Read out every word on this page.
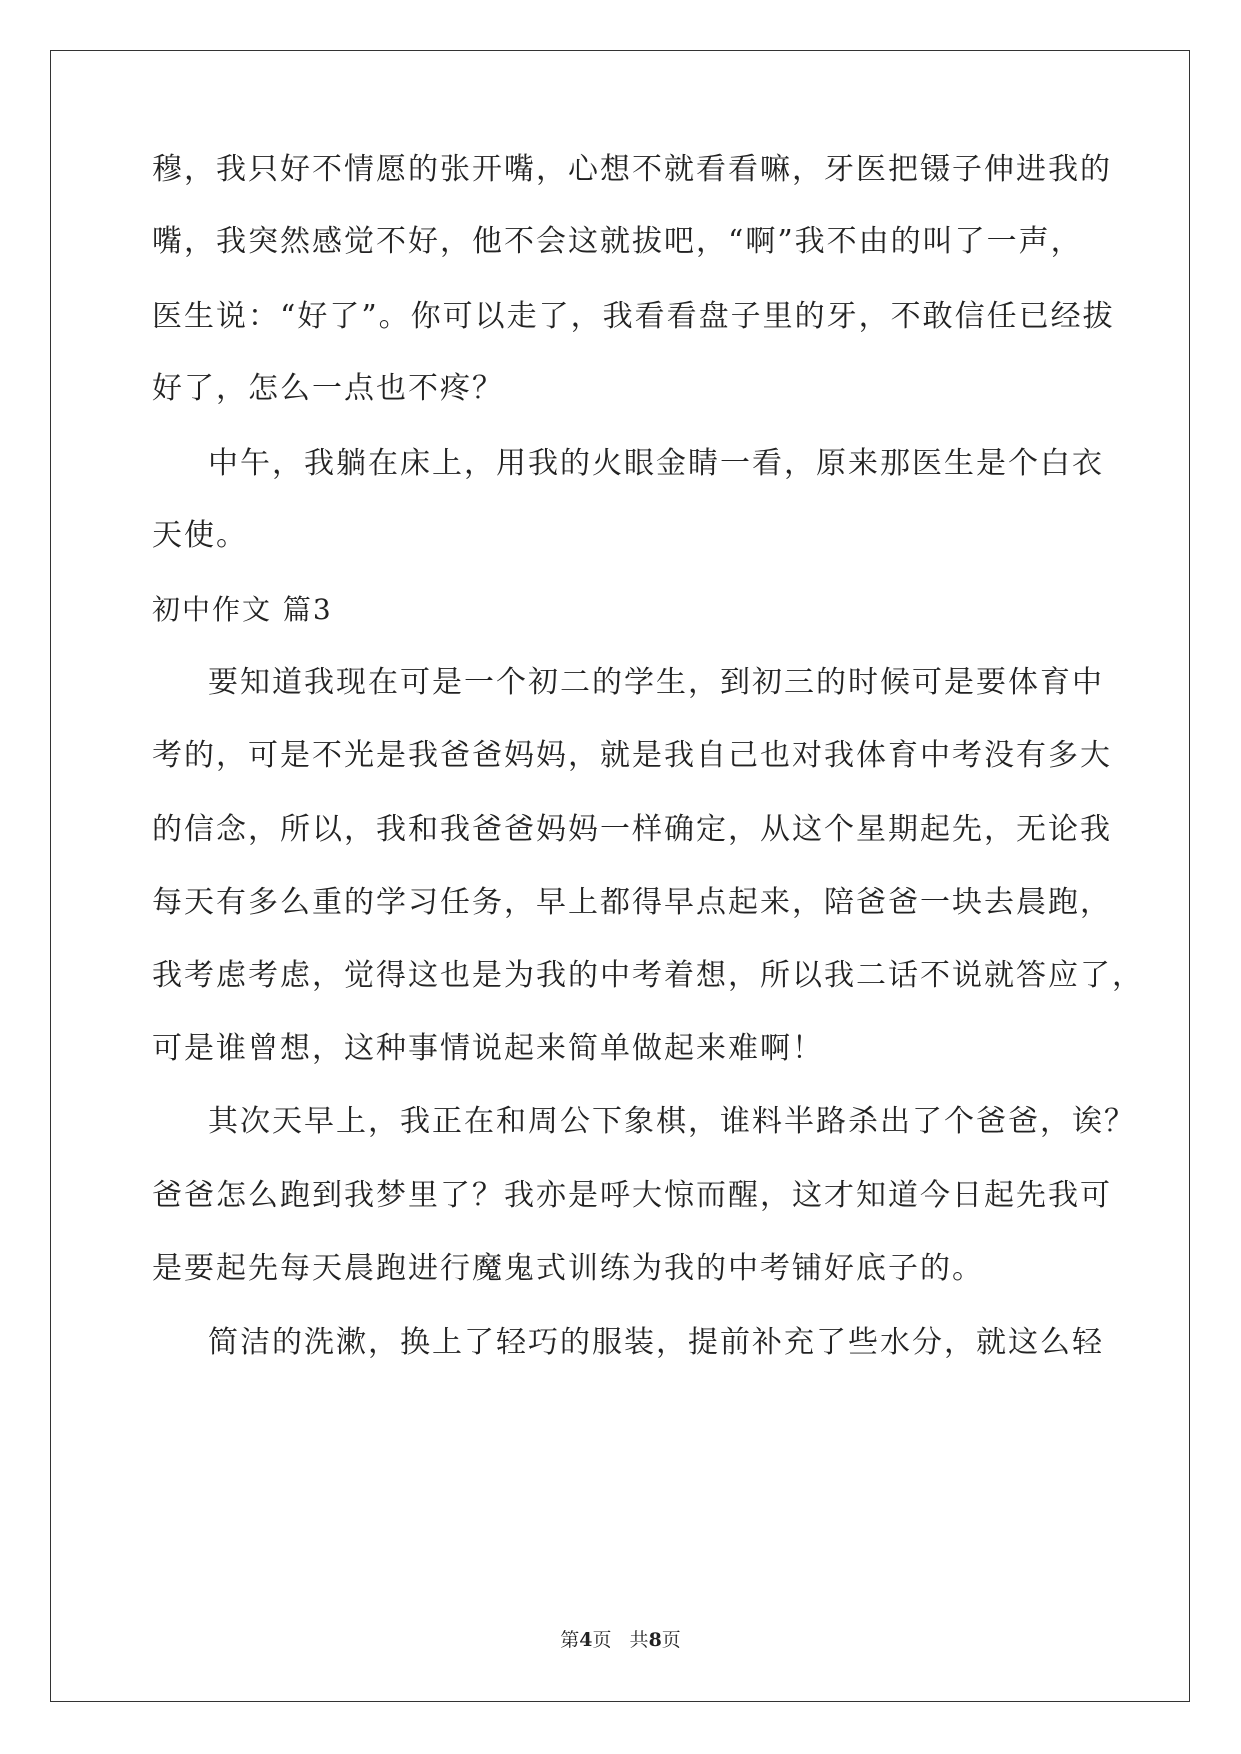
穆，我只好不情愿的张开嘴，心想不就看看嘛，牙医把镊子伸进我的
嘴，我突然感觉不好，他不会这就拔吧，“啊”我不由的叫了一声，
医生说：“好了”。你可以走了，我看看盘子里的牙，不敢信任已经拔
好了，怎么一点也不疼？
中午，我躺在床上，用我的火眼金睛一看，原来那医生是个白衣
天使。
初中作文 篇3
要知道我现在可是一个初二的学生，到初三的时候可是要体育中
考的，可是不光是我爸爸妈妈，就是我自己也对我体育中考没有多大
的信念，所以，我和我爸爸妈妈一样确定，从这个星期起先，无论我
每天有多么重的学习任务，早上都得早点起来，陪爸爸一块去晨跑，
我考虑考虑，觉得这也是为我的中考着想，所以我二话不说就答应了，
可是谁曾想，这种事情说起来简单做起来难啊！
其次天早上，我正在和周公下象棋，谁料半路杀出了个爸爸，诶？
爸爸怎么跑到我梦里了？我亦是呼大惊而醒，这才知道今日起先我可
是要起先每天晨跑进行魔鬼式训练为我的中考铺好底子的。
简洁的洗漱，换上了轻巧的服装，提前补充了些水分，就这么轻
第4页   共8页
